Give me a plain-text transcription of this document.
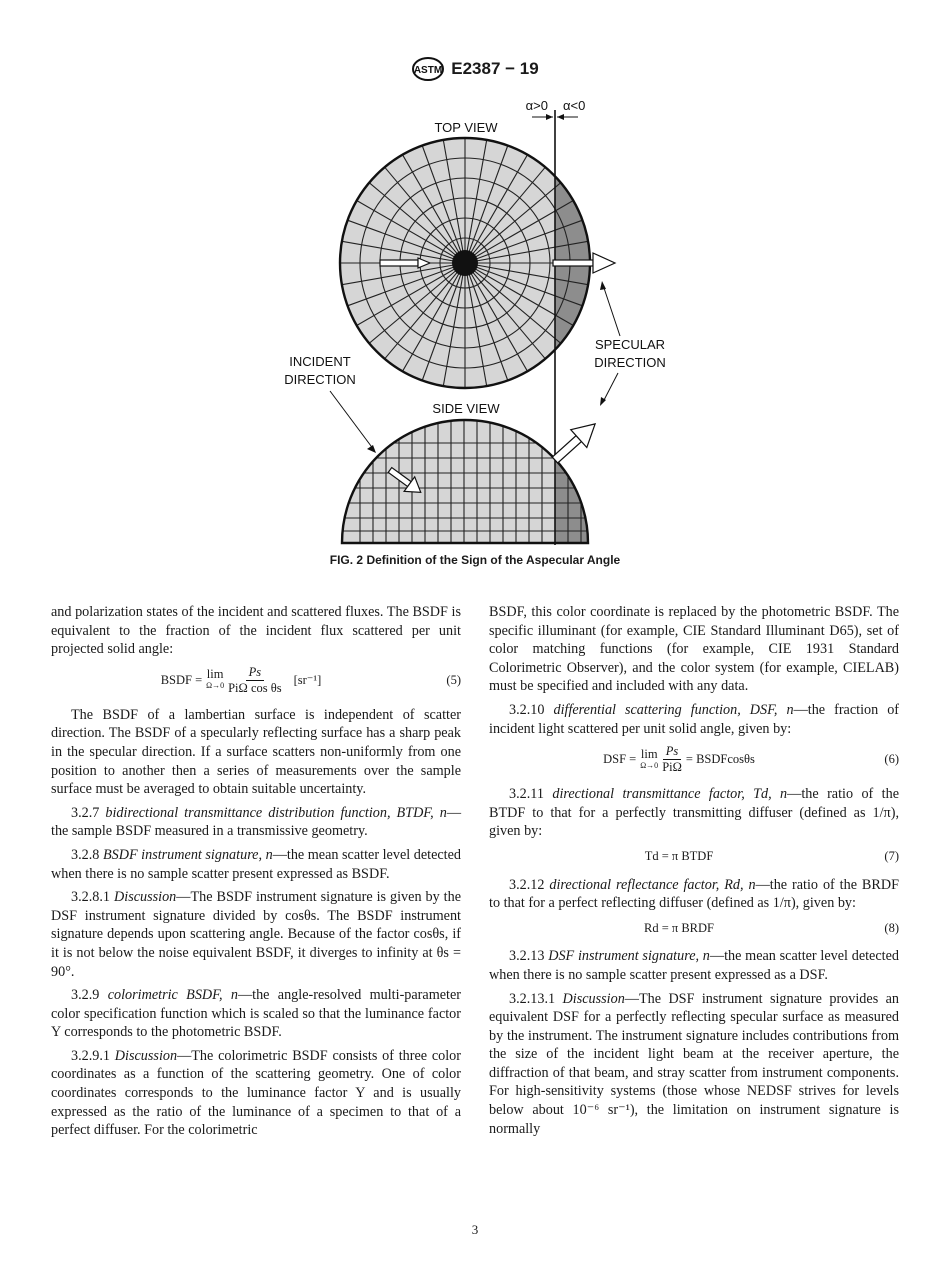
ASTM E2387 − 19
α>0 α<0
TOP VIEW
SIDE VIEW
INCIDENT
DIRECTION
SPECULAR
DIRECTION
FIG. 2 Definition of the Sign of the Aspecular Angle

and polarization states of the incident and scattered fluxes. The BSDF is equivalent to the fraction of the incident flux scattered per unit projected solid angle:

BSDF = lim
$\Omega\to 0 \frac{Ps}{\text{PiΩ cos θs}} [sr^{-1}]$	(5)

The BSDF of a lambertian surface is independent of scatter direction. The BSDF of a specularly reflecting surface has a sharp peak in the specular direction. If a surface scatters non-uniformly from one position to another then a series of measurements over the sample surface must be averaged to obtain suitable uncertainty.

3.2.7 bidirectional transmittance distribution function, BTDF, n—the sample BSDF measured in a transmissive geometry.

3.2.8 BSDF instrument signature, n—the mean scatter level detected when there is no sample scatter present expressed as BSDF.

3.2.8.1 Discussion—The BSDF instrument signature is given by the DSF instrument signature divided by cosθs. The BSDF instrument signature depends upon scattering angle. Because of the factor cosθs, if it is not below the noise equivalent BSDF, it diverges to infinity at θs = 90°.

3.2.9 colorimetric BSDF, n—the angle-resolved multi-parameter color specification function which is scaled so that the luminance factor Y corresponds to the photometric BSDF.

3.2.9.1 Discussion—The colorimetric BSDF consists of three color coordinates as a function of the scattering geometry. One of color coordinates corresponds to the luminance factor Y and is usually expressed as the ratio of the luminance of a specimen to that of a perfect diffuser. For the colorimetric

BSDF, this color coordinate is replaced by the photometric BSDF. The specific illuminant (for example, CIE Standard Illuminant D65), set of color matching functions (for example, CIE 1931 Standard Colorimetric Observer), and the color system (for example, CIELAB) must be specified and included with any data.

3.2.10 differential scattering function, DSF, n—the fraction of incident light scattered per unit solid angle, given by:

DSF = lim
$\Omega\to 0 \frac{Ps}{\text{PiΩ}}$ = BSDFcosθs	(6)

3.2.11 directional transmittance factor, Td, n—the ratio of the BTDF to that for a perfectly transmitting diffuser (defined as 1/π), given by:

Td = π BTDF	(7)

3.2.12 directional reflectance factor, Rd, n—the ratio of the BRDF to that for a perfect reflecting diffuser (defined as 1/π), given by:

Rd = π BRDF	(8)

3.2.13 DSF instrument signature, n—the mean scatter level detected when there is no sample scatter present expressed as a DSF.

3.2.13.1 Discussion—The DSF instrument signature provides an equivalent DSF for a perfectly reflecting specular surface as measured by the instrument. The instrument signature includes contributions from the size of the incident light beam at the receiver aperture, the diffraction of that beam, and stray scatter from instrument components. For high-sensitivity systems (those whose NEDSF strives for levels below about 10⁻⁶ sr⁻¹), the limitation on instrument signature is normally

3
